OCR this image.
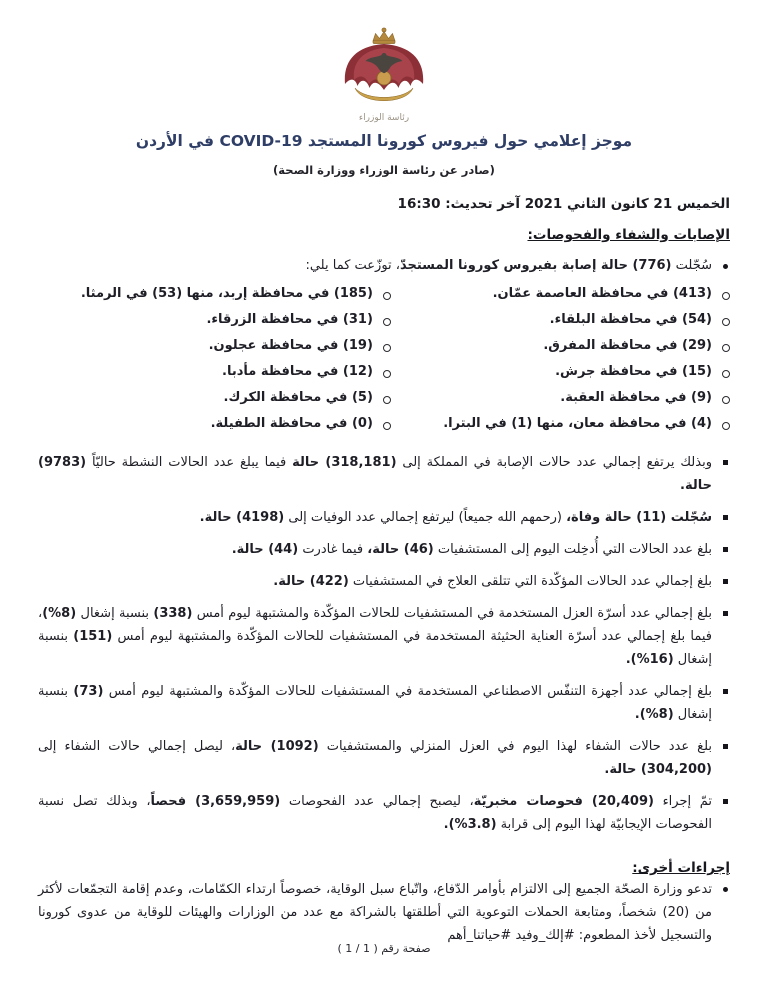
رئاسة الوزراء
موجز إعلامي حول فيروس كورونا المستجد COVID-19 في الأردن
(صادر عن رئاسة الوزراء ووزارة الصحة)
الخميس 21 كانون الثاني 2021 آخر تحديث: 16:30
الإصابات والشفاء والفحوصات:
سُجّلت (776) حالة إصابة بفيروس كورونا المستجدّ، توزّعت كما يلي:
(413) في محافظة العاصمة عمّان.
(54) في محافظة البلقاء.
(29) في محافظة المفرق.
(15) في محافظة جرش.
(9) في محافظة العقبة.
(4) في محافظة معان، منها (1) في البترا.
(185) في محافظة إربد، منها (53) في الرمثا.
(31) في محافظة الزرقاء.
(19) في محافظة عجلون.
(12) في محافظة مأدبا.
(5) في محافظة الكرك.
(0) في محافظة الطفيلة.
وبذلك يرتفع إجمالي عدد حالات الإصابة في المملكة إلى (318,181) حالة فيما يبلغ عدد الحالات النشطة حاليّاً (9783) حالة.
سُجّلت (11) حالة وفاة، (رحمهم الله جميعاً) ليرتفع إجمالي عدد الوفيات إلى (4198) حالة.
بلغ عدد الحالات التي أُدخِلت اليوم إلى المستشفيات (46) حالة، فيما غادرت (44) حالة.
بلغ إجمالي عدد الحالات المؤكّدة التي تتلقى العلاج في المستشفيات (422) حالة.
بلغ إجمالي عدد أسرّة العزل المستخدمة في المستشفيات للحالات المؤكّدة والمشتبهة ليوم أمس (338) بنسبة إشغال (8%)، فيما بلغ إجمالي عدد أسرّة العناية الحثيثة المستخدمة في المستشفيات للحالات المؤكّدة والمشتبهة ليوم أمس (151) بنسبة إشغال (16%).
بلغ إجمالي عدد أجهزة التنفّس الاصطناعي المستخدمة في المستشفيات للحالات المؤكّدة والمشتبهة ليوم أمس (73) بنسبة إشغال (8%).
بلغ عدد حالات الشفاء لهذا اليوم في العزل المنزلي والمستشفيات (1092) حالة، ليصل إجمالي حالات الشفاء إلى (304,200) حالة.
تمّ إجراء (20,409) فحوصات مخبريّة، ليصبح إجمالي عدد الفحوصات (3,659,959) فحصاً، وبذلك تصل نسبة الفحوصات الإيجابيّة لهذا اليوم إلى قرابة (3.8%).
إجراءات أخرى:
تدعو وزارة الصحّة الجميع إلى الالتزام بأوامر الدّفاع، واتّباع سبل الوقاية، خصوصاً ارتداء الكمّامات، وعدم إقامة التجمّعات لأكثر من (20) شخصاً، ومتابعة الحملات التوعوية التي أطلقتها بالشراكة مع عدد من الوزارات والهيئات للوقاية من عدوى كورونا والتسجيل لأخذ المطعوم: #إلك_وفيد #حياتنا_أهم
صفحة رقم ( 1 / 1 )
